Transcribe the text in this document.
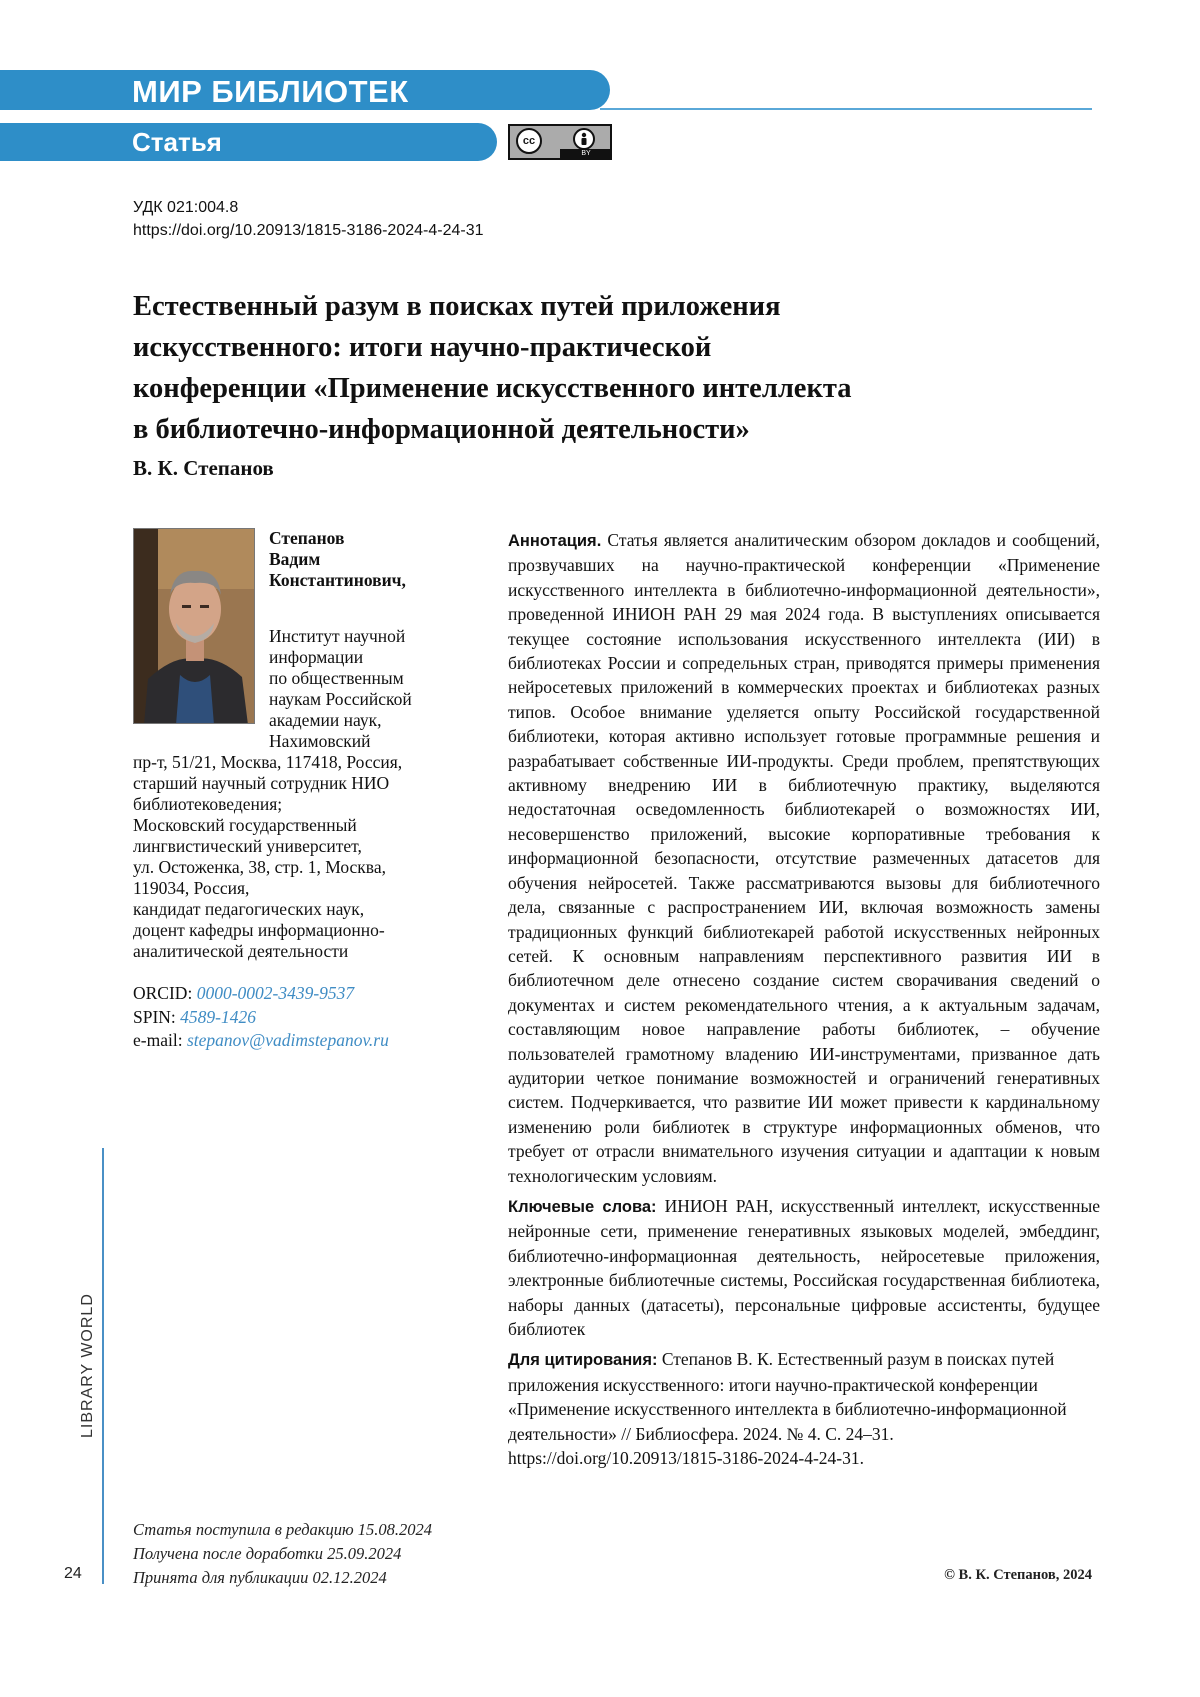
МИР БИБЛИОТЕК
Статья	cc
BY
УДК 021:004.8
https://doi.org/10.20913/1815-3186-2024-4-24-31
Естественный разум в поисках путей приложения
искусственного: итоги научно-практической
конференции «Применение искусственного интеллекта
в библиотечно-информационной деятельности»
В. К. Степанов
Степанов
Вадим
Константинович,
Институт научной
информации
по общественным
наукам Российской
академии наук,
Нахимовский
пр-т, 51/21, Москва, 117418, Россия,
старший научный сотрудник НИО
библиотековедения;
Московский государственный
лингвистический университет,
ул. Остоженка, 38, стр. 1, Москва,
119034, Россия,
кандидат педагогических наук,
доцент кафедры информационно-
аналитической деятельности
ORCID: 0000-0002-3439-9537
SPIN: 4589-1426
e-mail: stepanov@vadimstepanov.ru

Аннотация. Статья является аналитическим обзором докладов и сообщений, прозвучавших на научно-практической конференции «Применение искусственного интеллекта в библиотечно-информационной деятельности», проведенной ИНИОН РАН 29 мая 2024 года. В выступлениях описывается текущее состояние использования искусственного интеллекта (ИИ) в библиотеках России и сопредельных стран, приводятся примеры применения нейросетевых приложений в коммерческих проектах и библиотеках разных типов. Особое внимание уделяется опыту Российской государственной библиотеки, которая активно использует готовые программные решения и разрабатывает собственные ИИ-продукты. Среди проблем, препятствующих активному внедрению ИИ в библиотечную практику, выделяются недостаточная осведомленность библиотекарей о возможностях ИИ, несовершенство приложений, высокие корпоративные требования к информационной безопасности, отсутствие размеченных датасетов для обучения нейросетей. Также рассматриваются вызовы для библиотечного дела, связанные с распространением ИИ, включая возможность замены традиционных функций библиотекарей работой искусственных нейронных сетей. К основным направлениям перспективного развития ИИ в библиотечном деле отнесено создание систем сворачивания сведений о документах и систем рекомендательного чтения, а к актуальным задачам, составляющим новое направление работы библиотек, – обучение пользователей грамотному владению ИИ-инструментами, призванное дать аудитории четкое понимание возможностей и ограничений генеративных систем. Подчеркивается, что развитие ИИ может привести к кардинальному изменению роли библиотек в структуре информационных обменов, что требует от отрасли внимательного изучения ситуации и адаптации к новым технологическим условиям.

Ключевые слова: ИНИОН РАН, искусственный интеллект, искусственные нейронные сети, применение генеративных языковых моделей, эмбеддинг, библиотечно-информационная деятельность, нейросетевые приложения, электронные библиотечные системы, Российская государственная библиотека, наборы данных (датасеты), персональные цифровые ассистенты, будущее библиотек

Для цитирования: Степанов В. К. Естественный разум в поисках путей приложения искусственного: итоги научно-практической конференции «Применение искусственного интеллекта в библиотечно-информационной деятельности» // Библиосфера. 2024. № 4. С. 24–31. https://doi.org/10.20913/1815-3186-2024-4-24-31.

LIBRARY WORLD
24
Статья поступила в редакцию 15.08.2024
Получена после доработки 25.09.2024
Принята для публикации 02.12.2024	© В. К. Степанов, 2024
